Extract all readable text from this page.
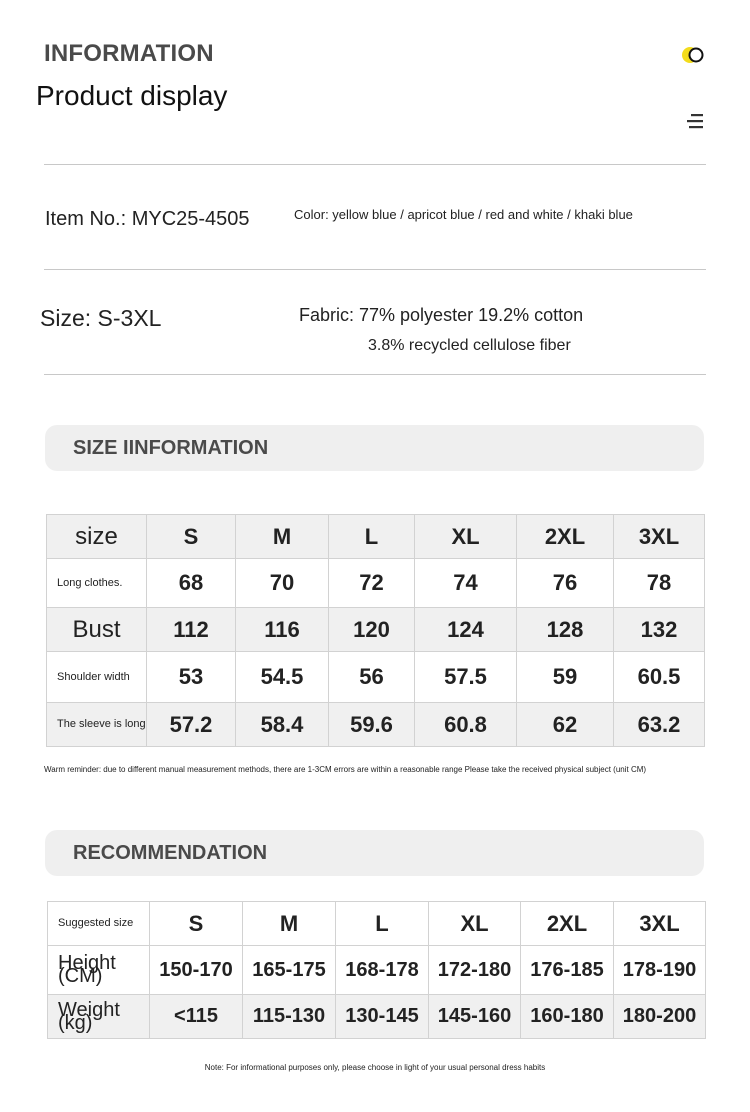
INFORMATION
Product display
Item No.: MYC25-4505	Color: yellow blue / apricot blue / red and white / khaki blue
Size: S-3XL	Fabric: 77% polyester 19.2% cotton
3.8% recycled cellulose fiber
SIZE IINFORMATION
size	S	M	L	XL	2XL	3XL
Long clothes.	68	70	72	74	76	78
Bust	112	116	120	124	128	132
Shoulder width	53	54.5	56	57.5	59	60.5
The sleeve is long	57.2	58.4	59.6	60.8	62	63.2
Warm reminder: due to different manual measurement methods, there are 1-3CM errors are within a reasonable range Please take the received physical subject (unit CM)
RECOMMENDATION
Suggested size	S	M	L	XL	2XL	3XL
Height (CM)	150-170	165-175	168-178	172-180	176-185	178-190
Weight (kg)	<115	115-130	130-145	145-160	160-180	180-200
Note: For informational purposes only, please choose in light of your usual personal dress habits
